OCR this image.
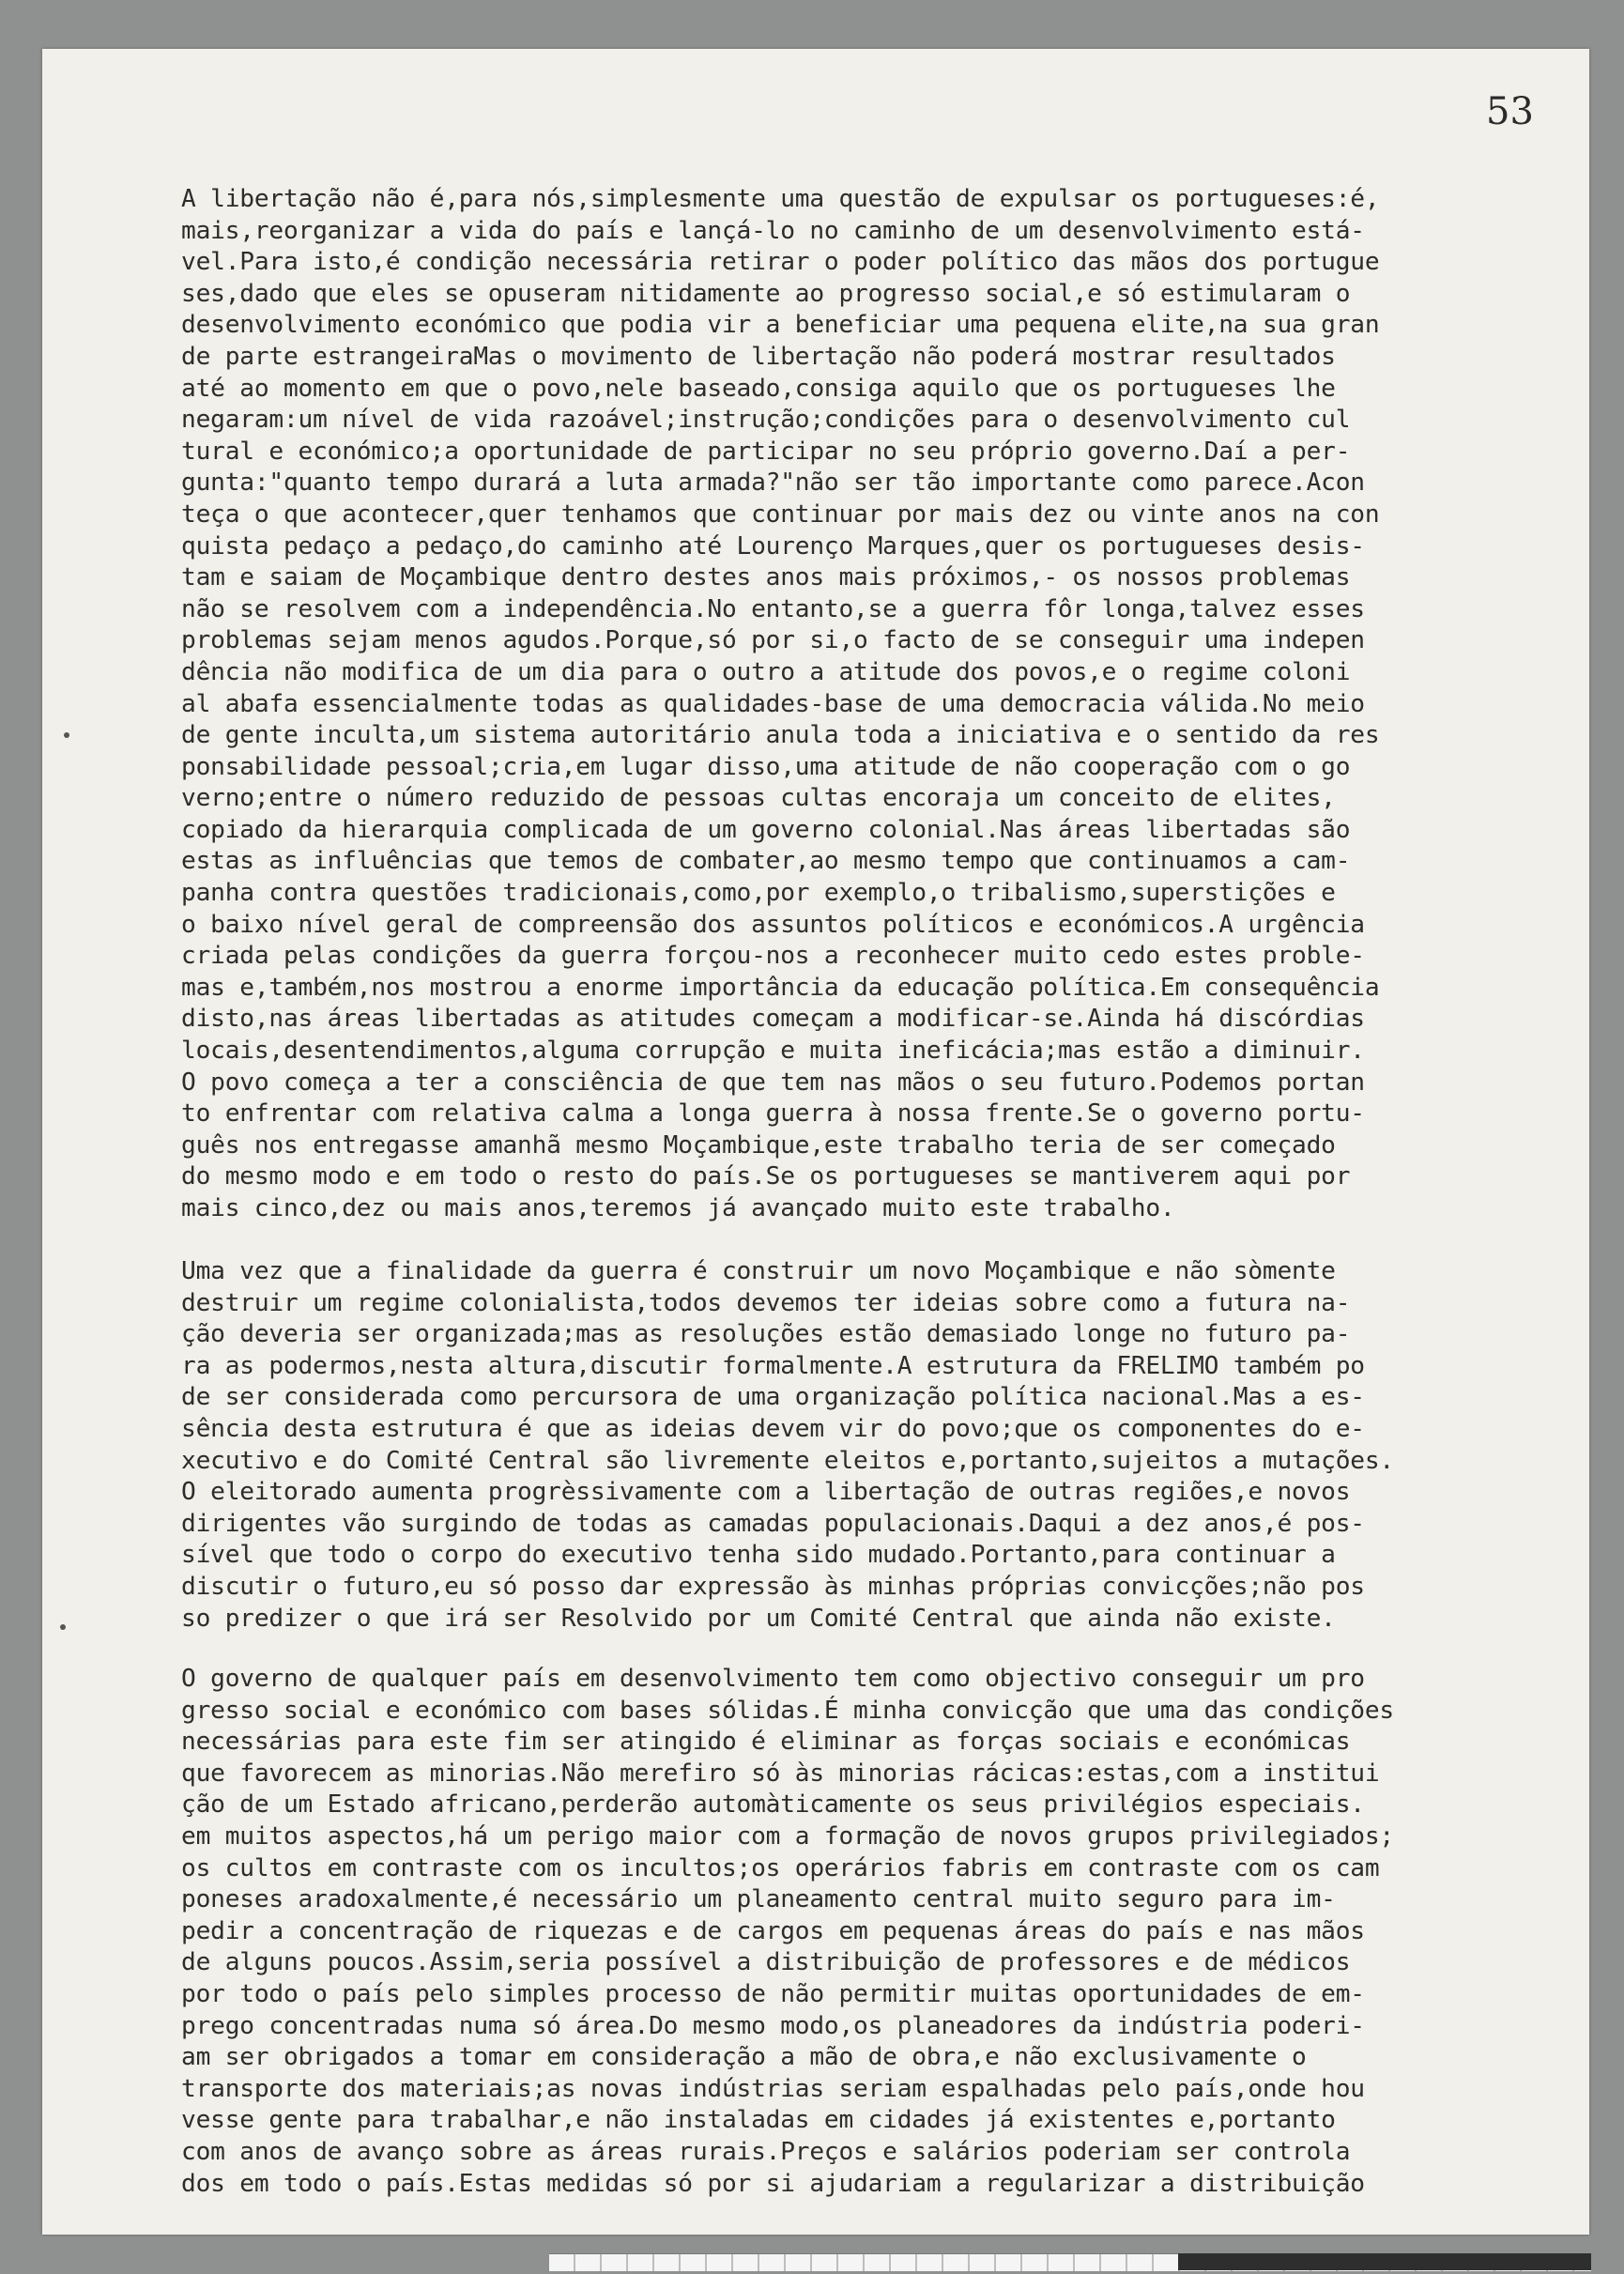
53
A libertação não é,para nós,simplesmente uma questão de expulsar os portugueses:é,
mais,reorganizar a vida do país e lançá-lo no caminho de um desenvolvimento está-
vel.Para isto,é condição necessária retirar o poder político das mãos dos portugue
ses,dado que eles se opuseram nitidamente ao progresso social,e só estimularam o
desenvolvimento económico que podia vir a beneficiar uma pequena elite,na sua gran
de parte estrangeiraMas o movimento de libertação não poderá mostrar resultados
até ao momento em que o povo,nele baseado,consiga aquilo que os portugueses lhe
negaram:um nível de vida razoável;instrução;condições para o desenvolvimento cul
tural e económico;a oportunidade de participar no seu próprio governo.Daí a per-
gunta:"quanto tempo durará a luta armada?"não ser tão importante como parece.Acon
teça o que acontecer,quer tenhamos que continuar por mais dez ou vinte anos na con
quista pedaço a pedaço,do caminho até Lourenço Marques,quer os portugueses desis-
tam e saiam de Moçambique dentro destes anos mais próximos,- os nossos problemas
não se resolvem com a independência.No entanto,se a guerra fôr longa,talvez esses
problemas sejam menos agudos.Porque,só por si,o facto de se conseguir uma indepen
dência não modifica de um dia para o outro a atitude dos povos,e o regime coloni
al abafa essencialmente todas as qualidades-base de uma democracia válida.No meio
de gente inculta,um sistema autoritário anula toda a iniciativa e o sentido da res
ponsabilidade pessoal;cria,em lugar disso,uma atitude de não cooperação com o go
verno;entre o número reduzido de pessoas cultas encoraja um conceito de elites,
copiado da hierarquia complicada de um governo colonial.Nas áreas libertadas são
estas as influências que temos de combater,ao mesmo tempo que continuamos a cam-
panha contra questões tradicionais,como,por exemplo,o tribalismo,superstições e
o baixo nível geral de compreensão dos assuntos políticos e económicos.A urgência
criada pelas condições da guerra forçou-nos a reconhecer muito cedo estes proble-
mas e,também,nos mostrou a enorme importância da educação política.Em consequência
disto,nas áreas libertadas as atitudes começam a modificar-se.Ainda há discórdias
locais,desentendimentos,alguma corrupção e muita ineficácia;mas estão a diminuir.
O povo começa a ter a consciência de que tem nas mãos o seu futuro.Podemos portan
to enfrentar com relativa calma a longa guerra à nossa frente.Se o governo portu-
guês nos entregasse amanhã mesmo Moçambique,este trabalho teria de ser começado
do mesmo modo e em todo o resto do país.Se os portugueses se mantiverem aqui por
mais cinco,dez ou mais anos,teremos já avançado muito este trabalho.
Uma vez que a finalidade da guerra é construir um novo Moçambique e não sòmente
destruir um regime colonialista,todos devemos ter ideias sobre como a futura na-
ção deveria ser organizada;mas as resoluções estão demasiado longe no futuro pa-
ra as podermos,nesta altura,discutir formalmente.A estrutura da FRELIMO também po
de ser considerada como percursora de uma organização política nacional.Mas a es-
sência desta estrutura é que as ideias devem vir do povo;que os componentes do e-
xecutivo e do Comité Central são livremente eleitos e,portanto,sujeitos a mutações.
O eleitorado aumenta progrèssivamente com a libertação de outras regiões,e novos
dirigentes vão surgindo de todas as camadas populacionais.Daqui a dez anos,é pos-
sível que todo o corpo do executivo tenha sido mudado.Portanto,para continuar a
discutir o futuro,eu só posso dar expressão às minhas próprias convicções;não pos
so predizer o que irá ser Resolvido por um Comité Central que ainda não existe.
O governo de qualquer país em desenvolvimento tem como objectivo conseguir um pro
gresso social e económico com bases sólidas.É minha convicção que uma das condições
necessárias para este fim ser atingido é eliminar as forças sociais e económicas
que favorecem as minorias.Não merefiro só às minorias rácicas:estas,com a institui
ção de um Estado africano,perderão automàticamente os seus privilégios especiais.
em muitos aspectos,há um perigo maior com a formação de novos grupos privilegiados;
os cultos em contraste com os incultos;os operários fabris em contraste com os cam
poneses aradoxalmente,é necessário um planeamento central muito seguro para im-
pedir a concentração de riquezas e de cargos em pequenas áreas do país e nas mãos
de alguns poucos.Assim,seria possível a distribuição de professores e de médicos
por todo o país pelo simples processo de não permitir muitas oportunidades de em-
prego concentradas numa só área.Do mesmo modo,os planeadores da indústria poderi-
am ser obrigados a tomar em consideração a mão de obra,e não exclusivamente o
transporte dos materiais;as novas indústrias seriam espalhadas pelo país,onde hou
vesse gente para trabalhar,e não instaladas em cidades já existentes e,portanto
com anos de avanço sobre as áreas rurais.Preços e salários poderiam ser controla
dos em todo o país.Estas medidas só por si ajudariam a regularizar a distribuição
